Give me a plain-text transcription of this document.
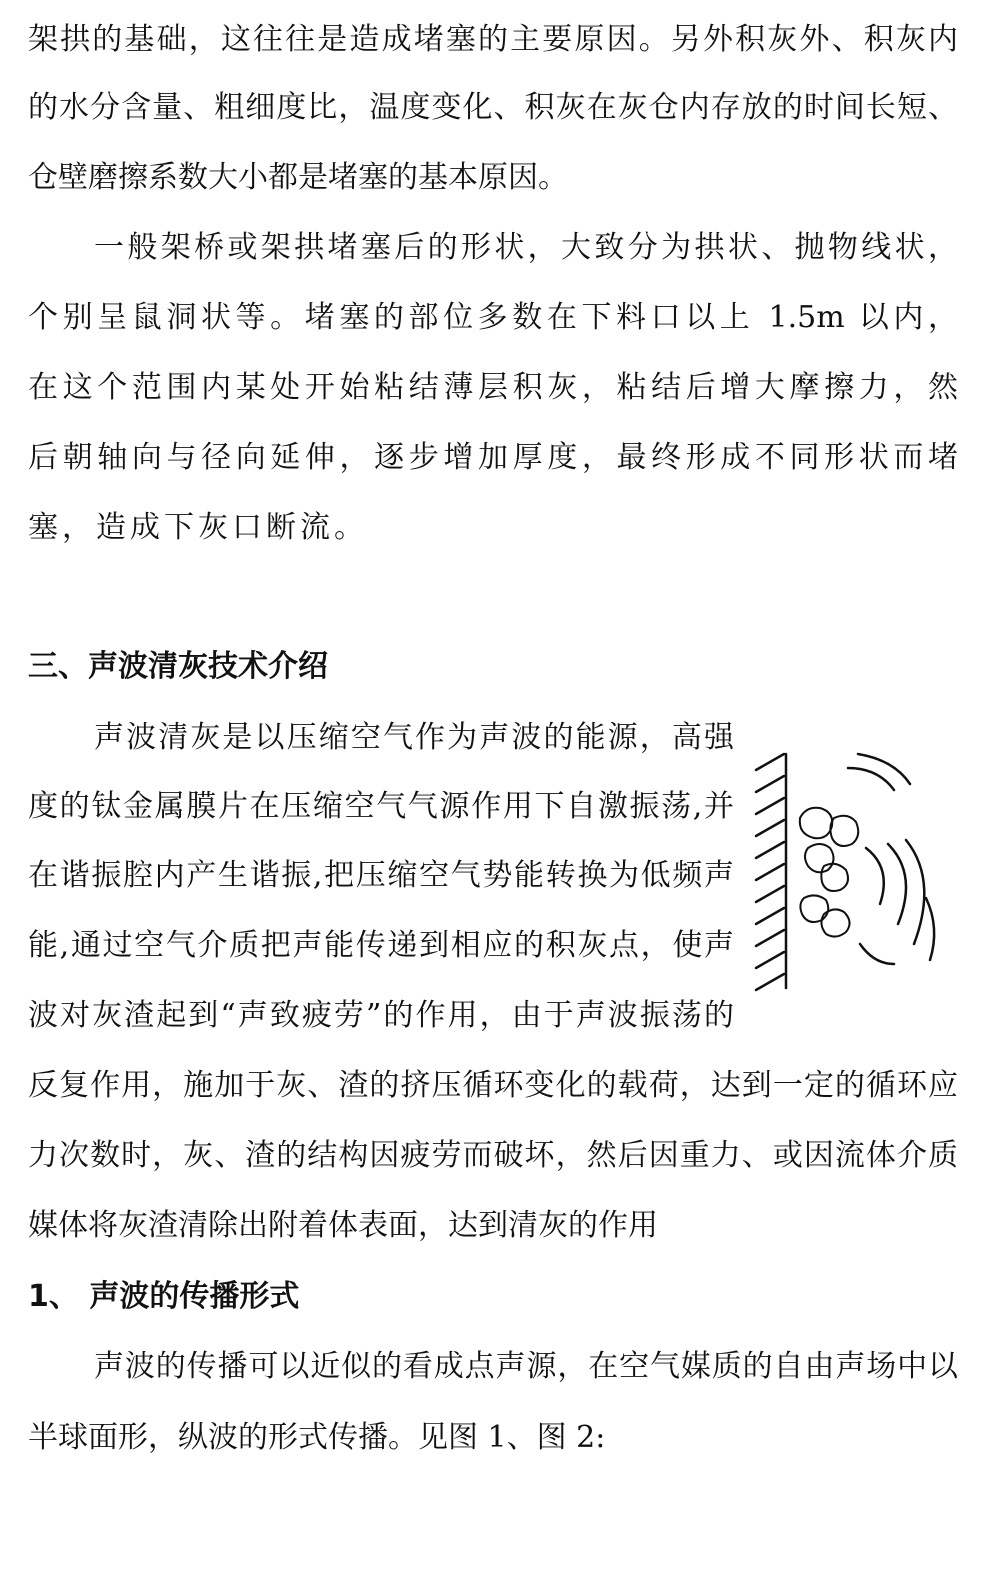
架拱的基础，这往往是造成堵塞的主要原因。另外积灰外、积灰内
的水分含量、粗细度比，温度变化、积灰在灰仓内存放的时间长短、
仓壁磨擦系数大小都是堵塞的基本原因。
一般架桥或架拱堵塞后的形状，大致分为拱状、抛物线状，
个别呈鼠洞状等。堵塞的部位多数在下料口以上 1.5m 以内，
在这个范围内某处开始粘结薄层积灰，粘结后增大摩擦力，然
后朝轴向与径向延伸，逐步增加厚度，最终形成不同形状而堵
塞，造成下灰口断流。
三、声波清灰技术介绍
声波清灰是以压缩空气作为声波的能源，高强
度的钛金属膜片在压缩空气气源作用下自激振荡,并
在谐振腔内产生谐振,把压缩空气势能转换为低频声
能,通过空气介质把声能传递到相应的积灰点，使声
波对灰渣起到“声致疲劳”的作用，由于声波振荡的
反复作用，施加于灰、渣的挤压循环变化的载荷，达到一定的循环应
力次数时，灰、渣的结构因疲劳而破坏，然后因重力、或因流体介质
媒体将灰渣清除出附着体表面，达到清灰的作用
1、 声波的传播形式
声波的传播可以近似的看成点声源，在空气媒质的自由声场中以
半球面形，纵波的形式传播。见图 1、图 2:
